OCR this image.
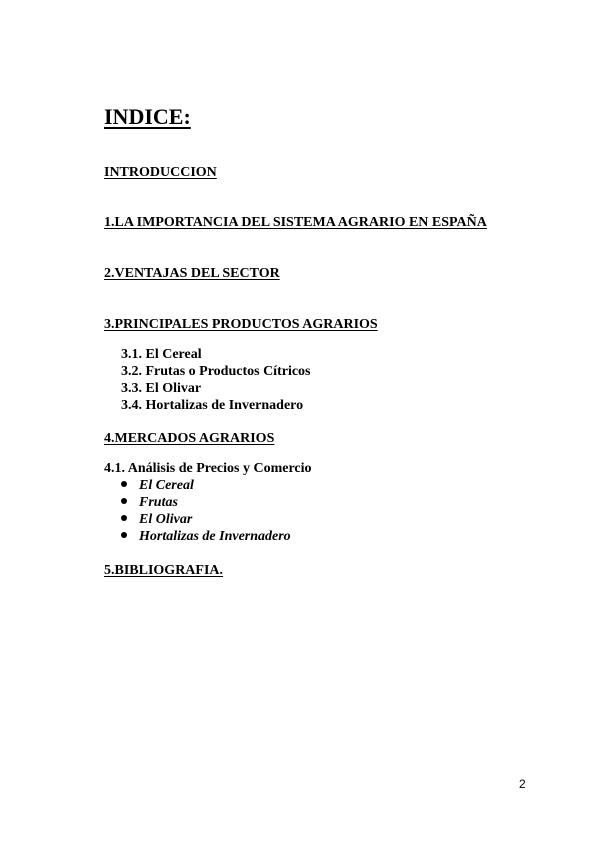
INDICE:
INTRODUCCION
1.LA IMPORTANCIA DEL SISTEMA AGRARIO EN ESPAÑA
2.VENTAJAS DEL SECTOR
3.PRINCIPALES PRODUCTOS AGRARIOS
3.1. El Cereal
3.2. Frutas o Productos Cítricos
3.3. El Olivar
3.4. Hortalizas de Invernadero
4.MERCADOS AGRARIOS
4.1. Análisis de Precios y Comercio
El Cereal
Frutas
El Olivar
Hortalizas de Invernadero
5.BIBLIOGRAFIA.
2
